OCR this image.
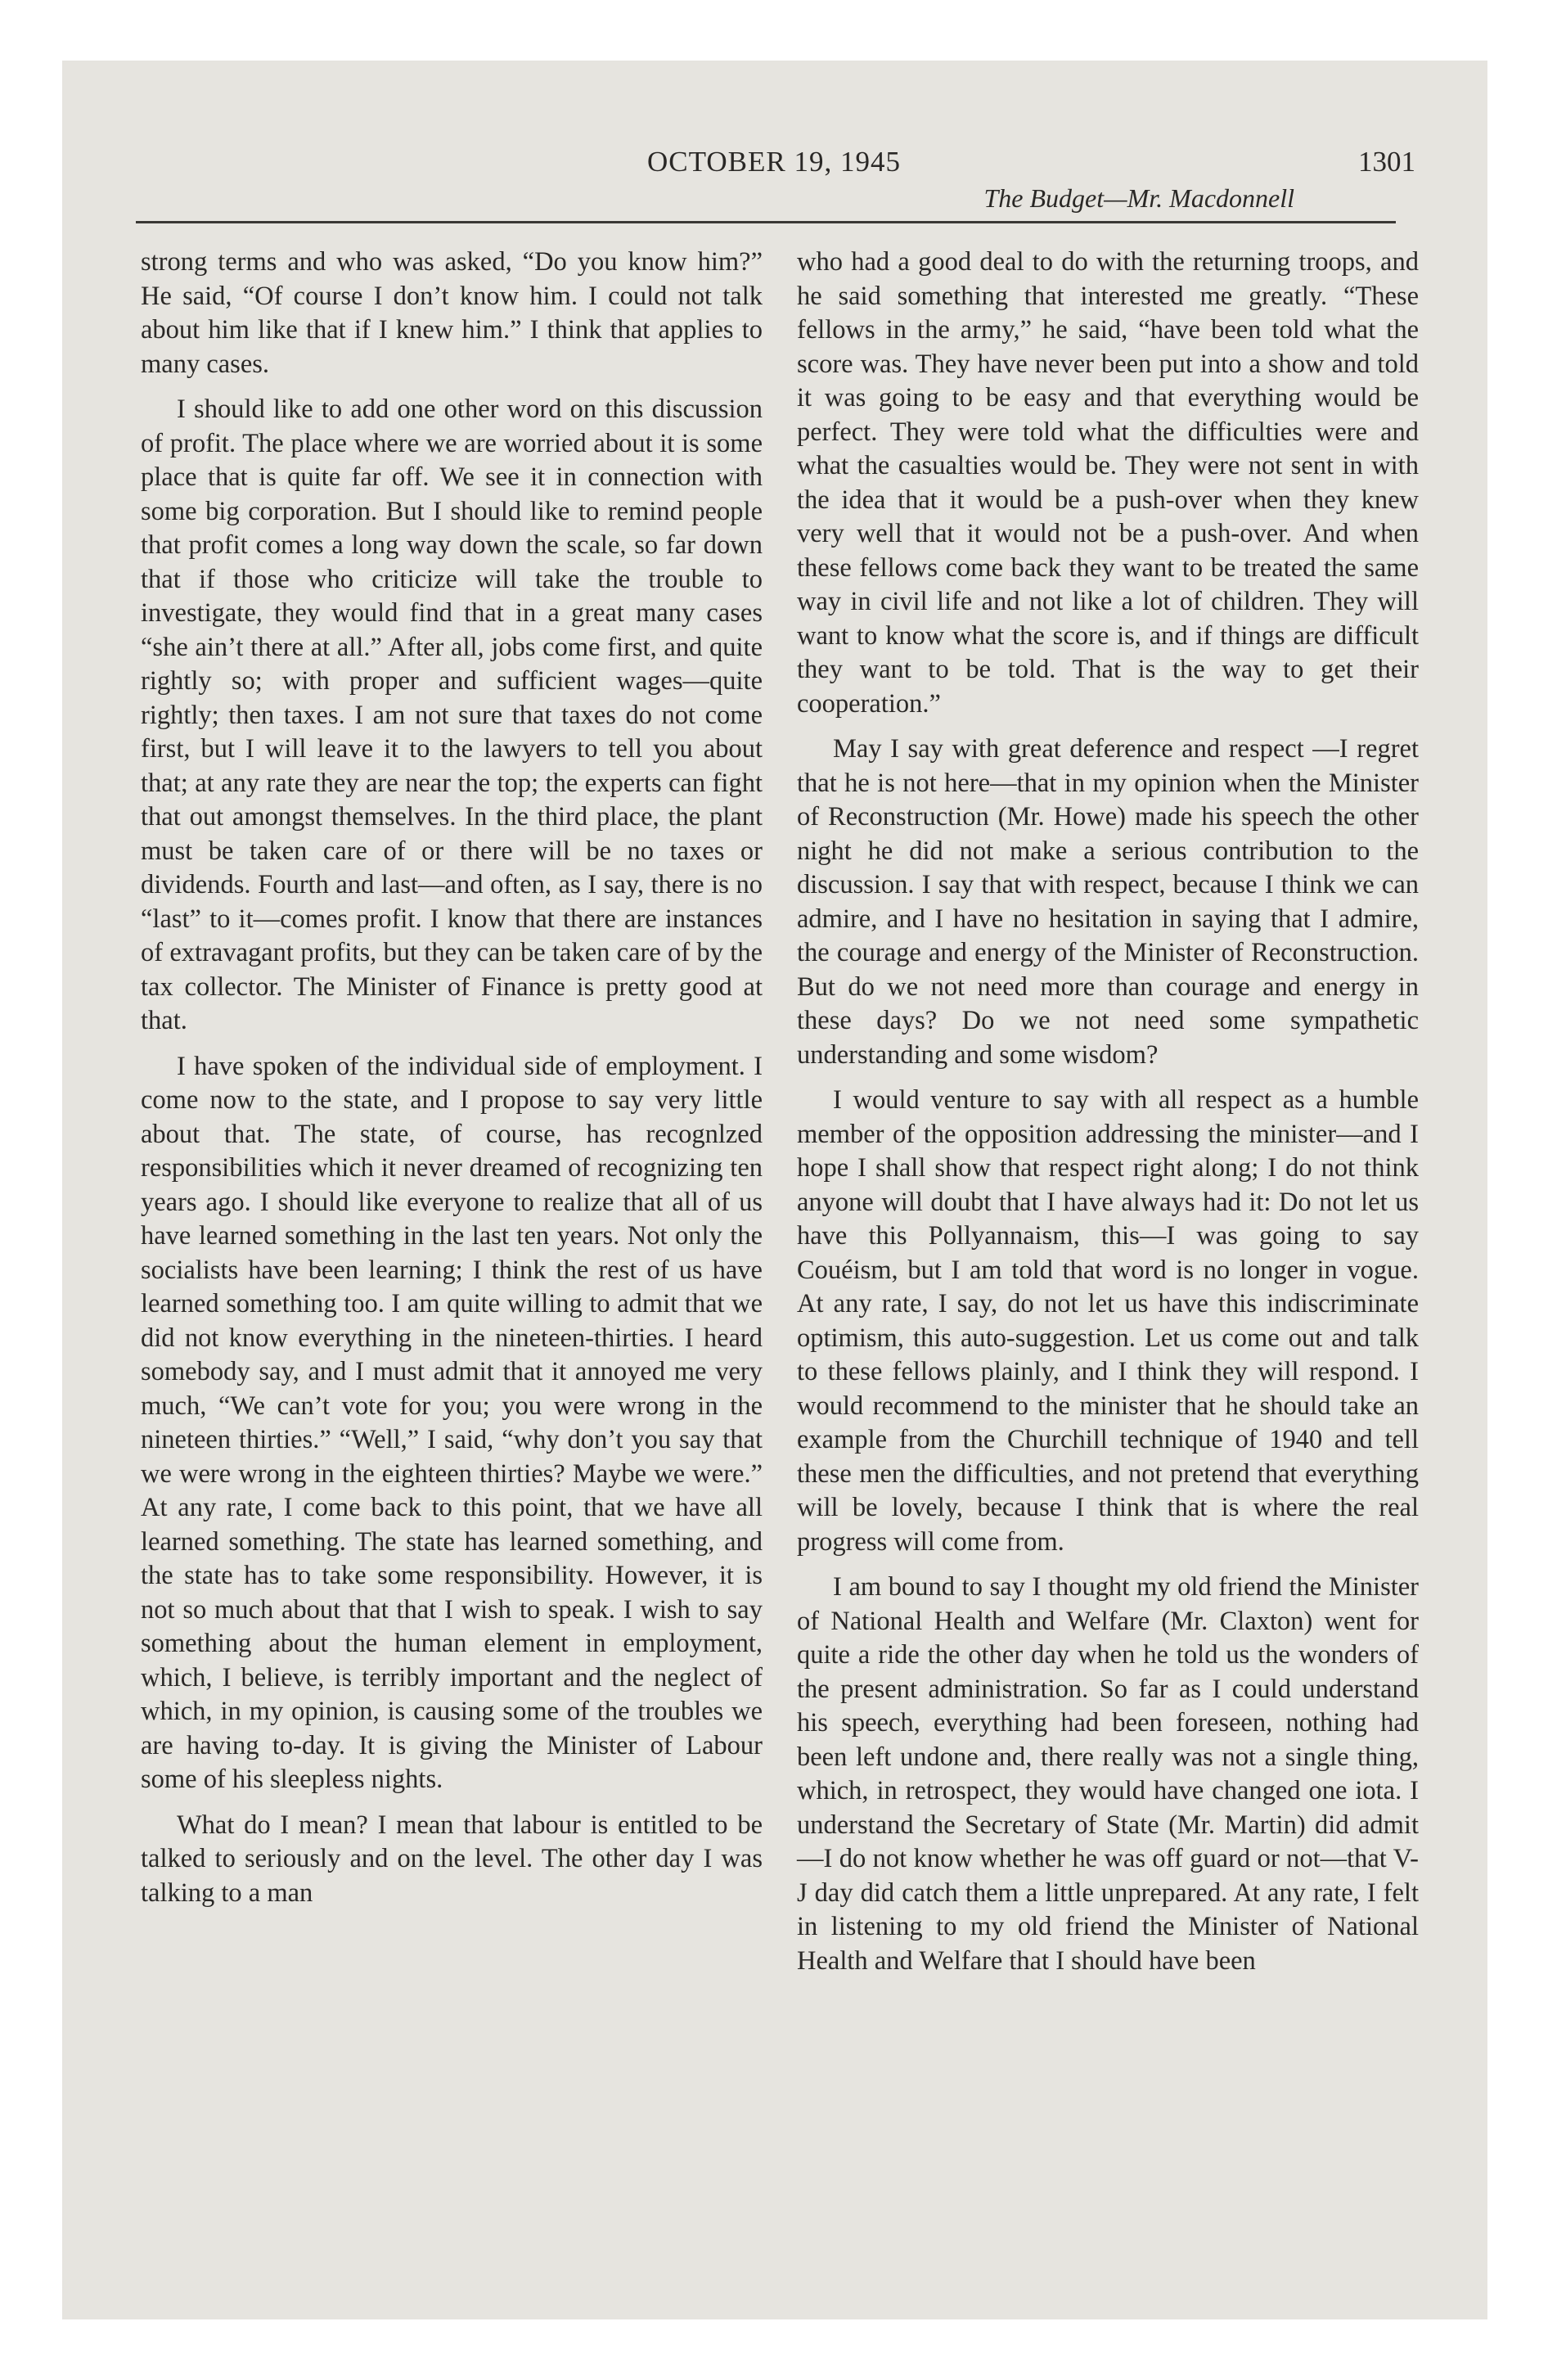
OCTOBER 19, 1945	1301
The Budget—Mr. Macdonnell

strong terms and who was asked, “Do you know him?” He said, “Of course I don’t know him. I could not talk about him like that if I knew him.” I think that applies to many cases.

I should like to add one other word on this discussion of profit. The place where we are worried about it is some place that is quite far off. We see it in connection with some big corporation. But I should like to remind people that profit comes a long way down the scale, so far down that if those who criticize will take the trouble to investigate, they would find that in a great many cases “she ain’t there at all.” After all, jobs come first, and quite rightly so; with proper and sufficient wages—quite rightly; then taxes. I am not sure that taxes do not come first, but I will leave it to the lawyers to tell you about that; at any rate they are near the top; the experts can fight that out amongst themselves. In the third place, the plant must be taken care of or there will be no taxes or dividends. Fourth and last—and often, as I say, there is no “last” to it—comes profit. I know that there are instances of extravagant profits, but they can be taken care of by the tax collector. The Minister of Finance is pretty good at that.

I have spoken of the individual side of employment. I come now to the state, and I propose to say very little about that. The state, of course, has recognlzed responsibilities which it never dreamed of recognizing ten years ago. I should like everyone to realize that all of us have learned something in the last ten years. Not only the socialists have been learning; I think the rest of us have learned something too. I am quite willing to admit that we did not know everything in the nineteen-thirties. I heard somebody say, and I must admit that it annoyed me very much, “We can’t vote for you; you were wrong in the nineteen thirties.” “Well,” I said, “why don’t you say that we were wrong in the eighteen thirties? Maybe we were.” At any rate, I come back to this point, that we have all learned something. The state has learned something, and the state has to take some responsibility. However, it is not so much about that that I wish to speak. I wish to say something about the human element in employment, which, I believe, is terribly important and the neglect of which, in my opinion, is causing some of the troubles we are having to-day. It is giving the Minister of Labour some of his sleepless nights.

What do I mean? I mean that labour is entitled to be talked to seriously and on the level. The other day I was talking to a man

who had a good deal to do with the returning troops, and he said something that interested me greatly. “These fellows in the army,” he said, “have been told what the score was. They have never been put into a show and told it was going to be easy and that everything would be perfect. They were told what the difficulties were and what the casualties would be. They were not sent in with the idea that it would be a push-over when they knew very well that it would not be a push-over. And when these fellows come back they want to be treated the same way in civil life and not like a lot of children. They will want to know what the score is, and if things are difficult they want to be told. That is the way to get their cooperation.”

May I say with great deference and respect —I regret that he is not here—that in my opinion when the Minister of Reconstruction (Mr. Howe) made his speech the other night he did not make a serious contribution to the discussion. I say that with respect, because I think we can admire, and I have no hesitation in saying that I admire, the courage and energy of the Minister of Reconstruction. But do we not need more than courage and energy in these days? Do we not need some sympathetic understanding and some wisdom?

I would venture to say with all respect as a humble member of the opposition addressing the minister—and I hope I shall show that respect right along; I do not think anyone will doubt that I have always had it: Do not let us have this Pollyannaism, this—I was going to say Couéism, but I am told that word is no longer in vogue. At any rate, I say, do not let us have this indiscriminate optimism, this auto-suggestion. Let us come out and talk to these fellows plainly, and I think they will respond. I would recommend to the minister that he should take an example from the Churchill technique of 1940 and tell these men the difficulties, and not pretend that everything will be lovely, because I think that is where the real progress will come from.

I am bound to say I thought my old friend the Minister of National Health and Welfare (Mr. Claxton) went for quite a ride the other day when he told us the wonders of the present administration. So far as I could understand his speech, everything had been foreseen, nothing had been left undone and, there really was not a single thing, which, in retrospect, they would have changed one iota. I understand the Secretary of State (Mr. Martin) did admit—I do not know whether he was off guard or not—that V-J day did catch them a little unprepared. At any rate, I felt in listening to my old friend the Minister of National Health and Welfare that I should have been
